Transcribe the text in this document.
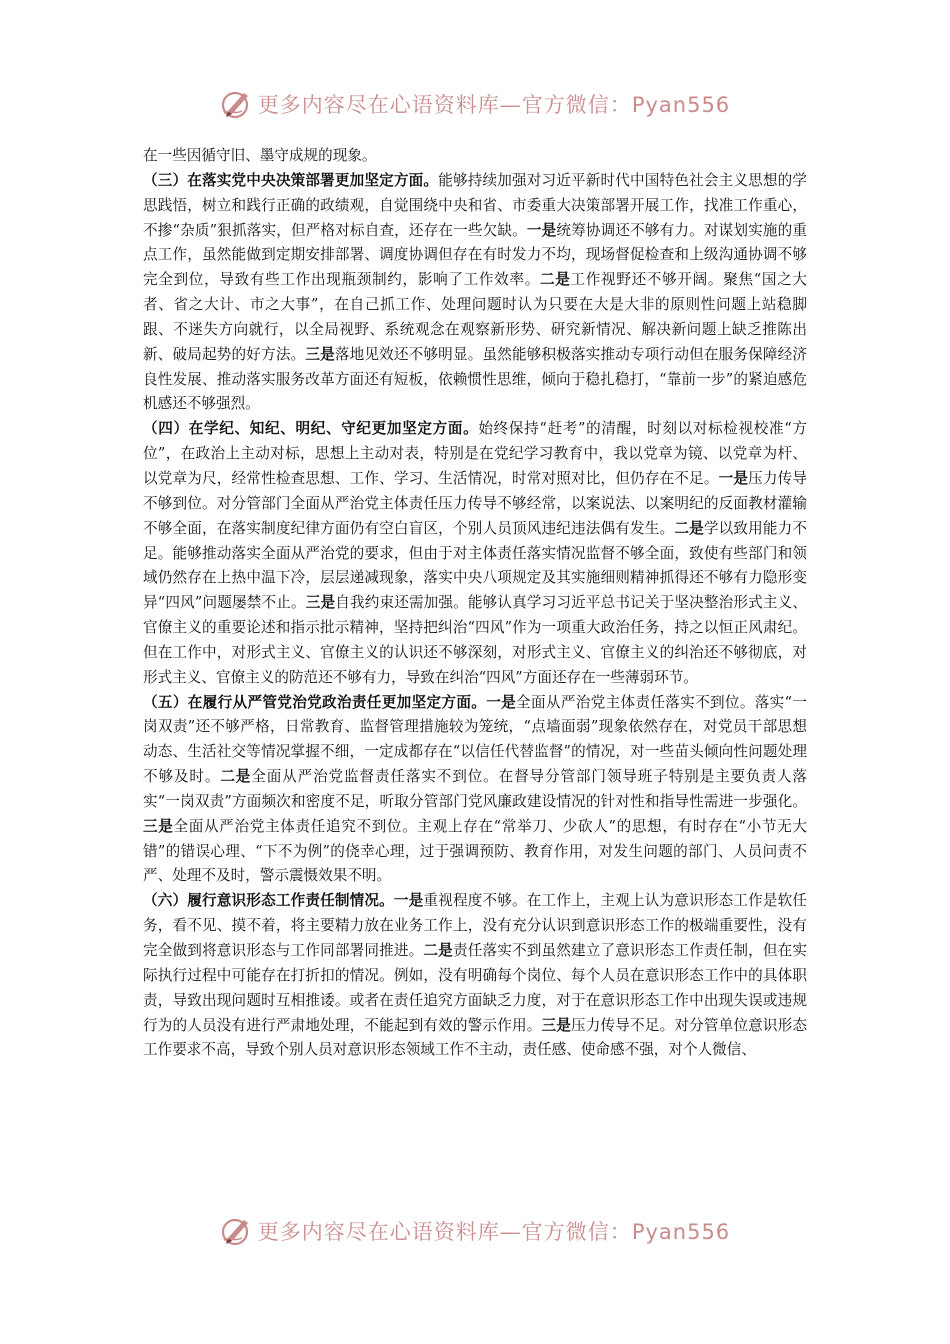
更多内容尽在心语资料库—官方微信：Pyan556

在一些因循守旧、墨守成规的现象。

（三）在落实党中央决策部署更加坚定方面。能够持续加强对习近平新时代中国特色社会主义思想的学思践悟，树立和践行正确的政绩观，自觉围绕中央和省、市委重大决策部署开展工作，找准工作重心，不掺“杂质”狠抓落实，但严格对标自查，还存在一些欠缺。一是统筹协调还不够有力。对谋划实施的重点工作，虽然能做到定期安排部署、调度协调但存在有时发力不均，现场督促检查和上级沟通协调不够完全到位，导致有些工作出现瓶颈制约，影响了工作效率。二是工作视野还不够开阔。聚焦“国之大者、省之大计、市之大事”，在自己抓工作、处理问题时认为只要在大是大非的原则性问题上站稳脚跟、不迷失方向就行，以全局视野、系统观念在观察新形势、研究新情况、解决新问题上缺乏推陈出新、破局起势的好方法。三是落地见效还不够明显。虽然能够积极落实推动专项行动但在服务保障经济良性发展、推动落实服务改革方面还有短板，依赖惯性思维，倾向于稳扎稳打，“靠前一步”的紧迫感危机感还不够强烈。

（四）在学纪、知纪、明纪、守纪更加坚定方面。始终保持“赶考”的清醒，时刻以对标检视校准“方位”，在政治上主动对标，思想上主动对表，特别是在党纪学习教育中，我以党章为镜、以党章为杆、以党章为尺，经常性检查思想、工作、学习、生活情况，时常对照对比，但仍存在不足。一是压力传导不够到位。对分管部门全面从严治党主体责任压力传导不够经常，以案说法、以案明纪的反面教材灌输不够全面，在落实制度纪律方面仍有空白盲区，个别人员顶风违纪违法偶有发生。二是学以致用能力不足。能够推动落实全面从严治党的要求，但由于对主体责任落实情况监督不够全面，致使有些部门和领域仍然存在上热中温下冷，层层递减现象，落实中央八项规定及其实施细则精神抓得还不够有力隐形变异“四风”问题屡禁不止。三是自我约束还需加强。能够认真学习习近平总书记关于坚决整治形式主义、官僚主义的重要论述和指示批示精神，坚持把纠治“四风”作为一项重大政治任务，持之以恒正风肃纪。但在工作中，对形式主义、官僚主义的认识还不够深刻，对形式主义、官僚主义的纠治还不够彻底，对形式主义、官僚主义的防范还不够有力，导致在纠治“四风”方面还存在一些薄弱环节。

（五）在履行从严管党治党政治责任更加坚定方面。一是全面从严治党主体责任落实不到位。落实“一岗双责”还不够严格，日常教育、监督管理措施较为笼统，“点墙面弱”现象依然存在，对党员干部思想动态、生活社交等情况掌握不细，一定成都存在“以信任代替监督”的情况，对一些苗头倾向性问题处理不够及时。二是全面从严治党监督责任落实不到位。在督导分管部门领导班子特别是主要负责人落实“一岗双责”方面频次和密度不足，听取分管部门党风廉政建设情况的针对性和指导性需进一步强化。三是全面从严治党主体责任追究不到位。主观上存在“常举刀、少砍人”的思想，有时存在“小节无大错”的错误心理、“下不为例”的侥幸心理，过于强调预防、教育作用，对发生问题的部门、人员问责不严、处理不及时，警示震慑效果不明。

（六）履行意识形态工作责任制情况。一是重视程度不够。在工作上，主观上认为意识形态工作是软任务，看不见、摸不着，将主要精力放在业务工作上，没有充分认识到意识形态工作的极端重要性，没有完全做到将意识形态与工作同部署同推进。二是责任落实不到虽然建立了意识形态工作责任制，但在实际执行过程中可能存在打折扣的情况。例如，没有明确每个岗位、每个人员在意识形态工作中的具体职责，导致出现问题时互相推诿。或者在责任追究方面缺乏力度，对于在意识形态工作中出现失误或违规行为的人员没有进行严肃地处理，不能起到有效的警示作用。三是压力传导不足。对分管单位意识形态工作要求不高，导致个别人员对意识形态领域工作不主动，责任感、使命感不强，对个人微信、

更多内容尽在心语资料库—官方微信：Pyan556
